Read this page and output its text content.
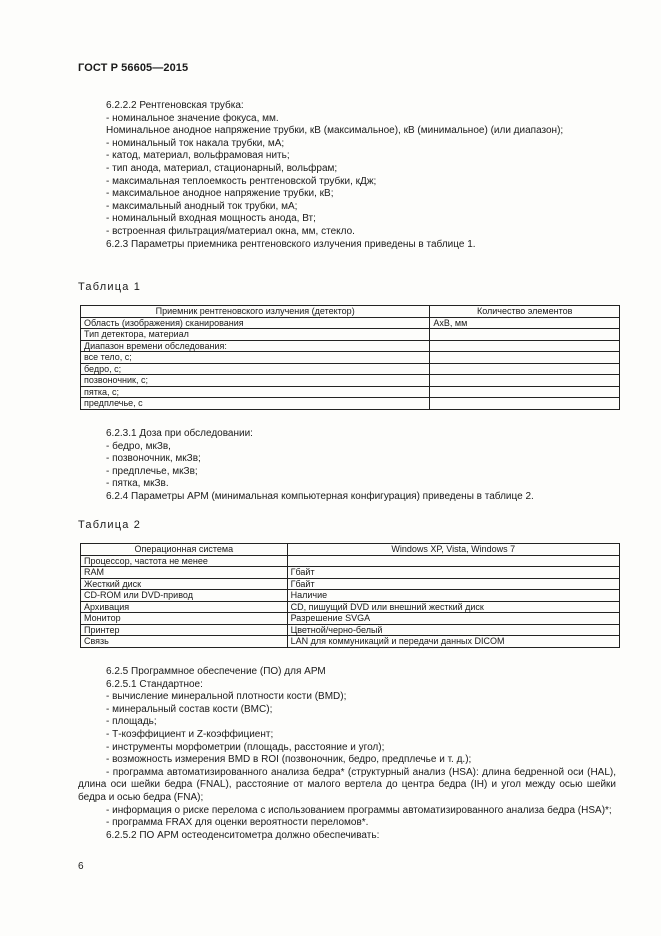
ГОСТ Р 56605—2015

6.2.2.2 Рентгеновская трубка:

- номинальное значение фокуса, мм.

Номинальное анодное напряжение трубки, кВ (максимальное), кВ (минимальное) (или диапазон);

- номинальный ток накала трубки, мА;

- катод, материал, вольфрамовая нить;

- тип анода, материал, стационарный, вольфрам;

- максимальная теплоемкость рентгеновской трубки, кДж;

- максимальное анодное напряжение трубки, кВ;

- максимальный анодный ток трубки, мА;

- номинальный входная мощность анода, Вт;

- встроенная фильтрация/материал окна, мм, стекло.

6.2.3 Параметры приемника рентгеновского излучения приведены в таблице 1.

Таблица 1
Приемник рентгеновского излучения (детектор)	Количество элементов
Область (изображения) сканирования	АхВ, мм
Тип детектора, материал	
Диапазон времени обследования:	
все тело, с;	
бедро, с;	
позвоночник, с;	
пятка, с;	
предплечье, с	

6.2.3.1 Доза при обследовании:

- бедро, мкЗв,

- позвоночник, мкЗв;

- предплечье, мкЗв;

- пятка, мкЗв.

6.2.4 Параметры АРМ (минимальная компьютерная конфигурация) приведены в таблице 2.

Таблица 2
Операционная система	Windows XP, Vista, Windows 7
Процессор, частота не менее	
RAM	Гбайт
Жесткий диск	Гбайт
CD-ROM или DVD-привод	Наличие
Архивация	CD, пишущий DVD или внешний жесткий диск
Монитор	Разрешение SVGA
Принтер	Цветной/черно-белый
Связь	LAN для коммуникаций и передачи данных DICOM

6.2.5 Программное обеспечение (ПО) для АРМ

6.2.5.1 Стандартное:

- вычисление минеральной плотности кости (BMD);

- минеральный состав кости (BMC);

- площадь;

- Т-коэффициент и Z-коэффициент;

- инструменты морфометрии (площадь, расстояние и угол);

- возможность измерения BMD в ROI (позвоночник, бедро, предплечье и т. д.);

- программа автоматизированного анализа бедра* (структурный анализ (HSA): длина бедренной оси (HAL), длина оси шейки бедра (FNAL), расстояние от малого вертела до центра бедра (IH) и угол между осью шейки бедра и осью бедра (FNA);

- информация о риске перелома с использованием программы автоматизированного анализа бедра (HSA)*;

- программа FRAX для оценки вероятности переломов*.

6.2.5.2 ПО АРМ остеоденситометра должно обеспечивать:

6
